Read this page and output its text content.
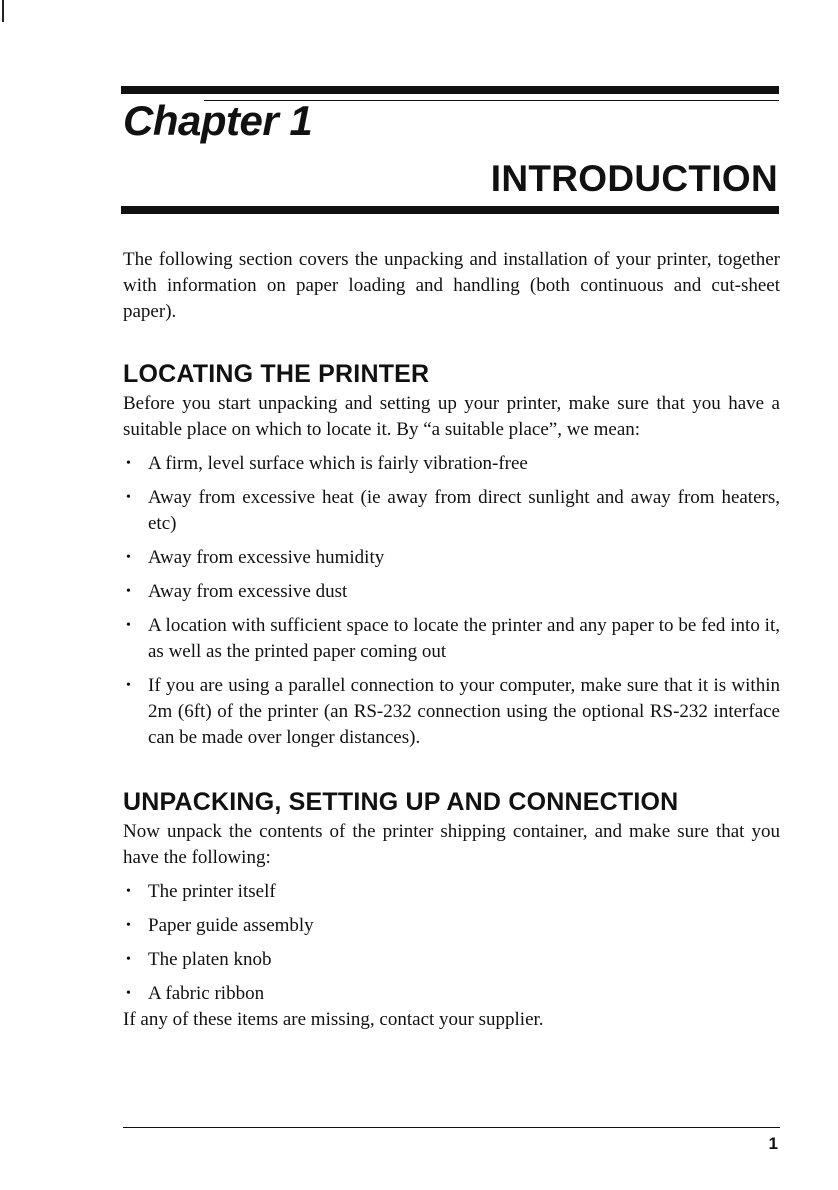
Chapter 1
INTRODUCTION

The following section covers the unpacking and installation of your printer, together with information on paper loading and handling (both continuous and cut-sheet paper).

LOCATING THE PRINTER

Before you start unpacking and setting up your printer, make sure that you have a suitable place on which to locate it. By “a suitable place”, we mean:

• A firm, level surface which is fairly vibration-free
• Away from excessive heat (ie away from direct sunlight and away from heaters, etc)
• Away from excessive humidity
• Away from excessive dust
• A location with sufficient space to locate the printer and any paper to be fed into it, as well as the printed paper coming out
• If you are using a parallel connection to your computer, make sure that it is within 2m (6ft) of the printer (an RS-232 connection using the optional RS-232 interface can be made over longer distances).
UNPACKING, SETTING UP AND CONNECTION

Now unpack the contents of the printer shipping container, and make sure that you have the following:

• The printer itself
• Paper guide assembly
• The platen knob
• A fabric ribbon

If any of these items are missing, contact your supplier.

1
